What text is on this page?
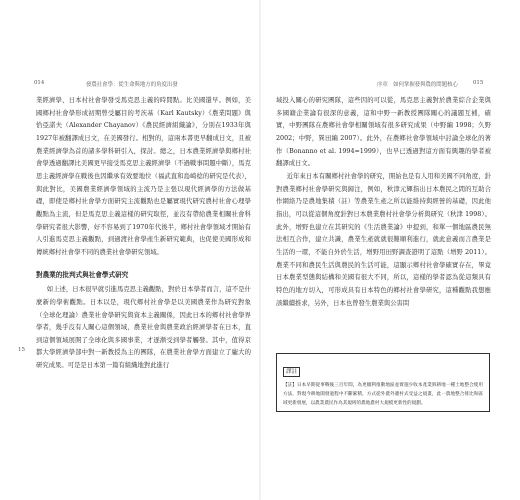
014	發農社會學：從生命與地方的角度出發	序章　如何掌握發與農的問題核心	015

業經濟學、日本村社會學發受馬克思主義的時間點。比美國還早。例如，美國鄉村社會學形成初期曾受屬目的考茨基（Karl Kautsky）《農業問題》與恰亞諾夫（Alexander Chayanov）《農民經濟組織論》，分別在1933年與1927年被翻譯成日文，在美國發行。相對的，這兩本書更早翻成日文，且被農業經濟學為首的諸多學科研引入，探討。總之，日本農業經濟學與鄉村社會學透過翻譯比美國更早接受馬克思主義經濟學（不過戰事問題中斷），馬克思主義經濟學在戰後也因繼承有效要地位（福武直和島崎稔的研究是代表），與此對比，美國農業經濟學領域的主流乃是主張以現代經濟學的方法做基礎，即使是鄉村社會學方面研究主流觀點也是屬實現代研究農村社會心理學觀點為主流，但是馬克思主義這樣的研究取徑，並沒有帶給農業相關社會科學研究者很大影響，好不容易到了1970年代後半，鄉村社會學領域才開始有人引進馬克思主義觀點，到過渡社會學產生新研究範典，也促使美國形成和傳統鄉村社會學不同的農業社會學研究領域。

對農業的批判式與社會學式研究

如上述，日本很早就引進馬克思主義觀點，對於日本學者而言，這不是什麼新的學術觀點。日本以是，現代鄉村社會學是以美國農業作為研究對象（全球化理論）農業社會學研究與資本主義關係，因此日本的鄉村社會學界學者，幾乎沒有人關心這個領域，農業社會與農業政治經濟學者在日本，直到這個領域展開了全球化與多國事業，才逐漸受到學者觸發。其中，值得京都大學經濟學部中對一新教授為主的團隊，在農業社會學方面建立了龐大的研究成果。可是是日本第一篇有組織地對此進行

15

域投入關心的研究團隊，這些因的可以從，馬克思主義對於農業綜合企業與多國籍企業論有很深的意義，這和中野一新教授團隊關心的議題互補，確實，中野團隊在農鄉社會學相關領域有很多研究成果（中野編 1998；久野 2002；中野，巽田編 2007）。此外，在農鄉社會學領域中討論全球化的著作（Bonanno et al. 1994=1999），也早已透過對這方面有興趣的學者被翻譯成日文。

近年來日本有關鄉村社會學的研究，開始也是有人用和美國不同角度，針對農業鄉村社會學研究與歸注，例如，秋津元輝指出日本農民之間的互助合作網絡乃是農地集積（註）等農業生產之所以能維持與經營的基礎，因此他指出，可以從這個角度針對日本農業農村社會學分析與研究（秋津 1998）。此外，增野也建立在其研究的《生活農業論》中提到，和單一個地區農民無法相互合作，建立共識，農業生產就就很難順利進行，就此意義而言農業是生活的一環，不能自外於生活，增野用田野調查證明了這點（增野 2011）。農業不同和農民生活與農民的生活可能，這顯示鄉村社會學確實存在，畢竟日本農業型態與結構和美國有很大不同，所以，這樣的學者認為從這類具有特色的地方切入，可形成具有日本特色的鄉村社會學研究，這種觀點我想應該繼續推求，另外，日本也曾發生農業與公害問

譯註
【註】日本早期從事戰後三百年間，為更順利推動地區並實施少收本產業與耕地一種土地整合使用方法，對現今耕地開發過程中不斷累積，方式從外農外遷村式受益之規畫，此一農地整合排比和區域更新發展，以農業農民作為其規則的農地農村大規模更新性的規劃。
